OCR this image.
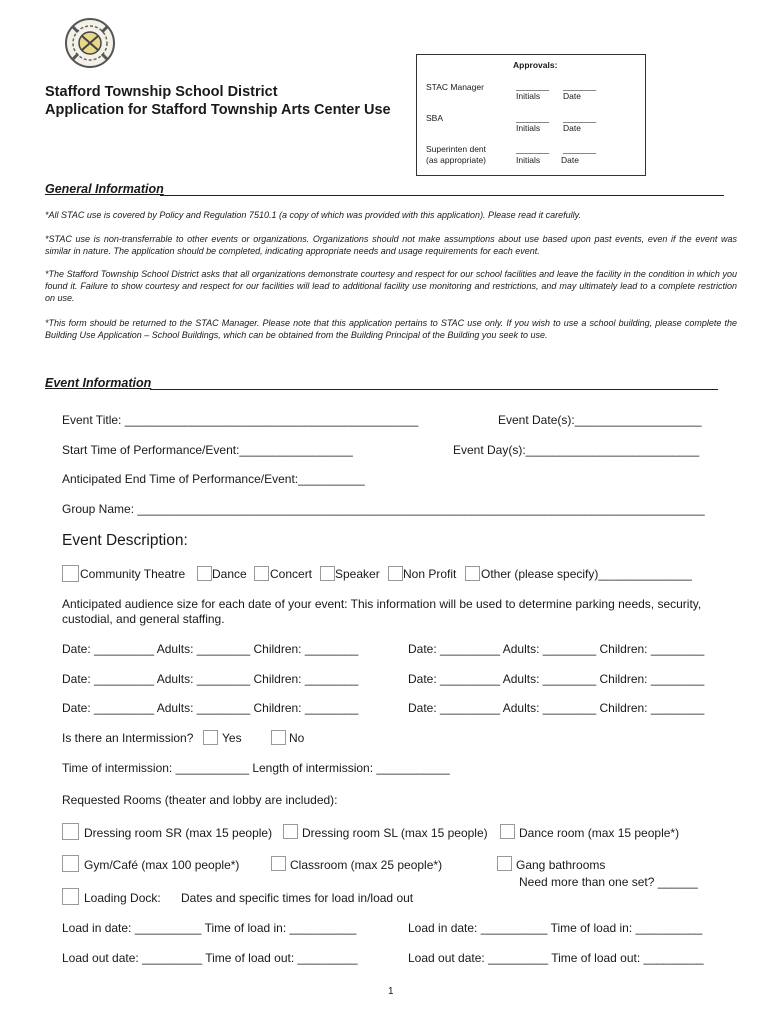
Stafford Township School District
Application for Stafford Township Arts Center Use
Approvals:
STAC Manager	_______ _______
Initials	Date
SBA	_______ _______
Initials	Date
Superinten dent
(as appropriate)
_______ _______
Initials Date
General Information
*All STAC use is covered by Policy and Regulation 7510.1 (a copy of which was provided with this application). Please read it carefully.
*STAC use is non-transferrable to other events or organizations. Organizations should not make assumptions about use based upon past events, even if the event was similar in nature. The application should be completed, indicating appropriate needs and usage requirements for each event.
*The Stafford Township School District asks that all organizations demonstrate courtesy and respect for our school facilities and leave the facility in the condition in which you found it. Failure to show courtesy and respect for our facilities will lead to additional facility use monitoring and restrictions, and may ultimately lead to a complete restriction on use.
*This form should be returned to the STAC Manager. Please note that this application pertains to STAC use only. If you wish to use a school building, please complete the Building Use Application – School Buildings, which can be obtained from the Building Principal of the Building you seek to use.
Event Information
Event Title: ____________________________________________	Event Date(s):___________________
Start Time of Performance/Event:_________________	Event Day(s):__________________________
Anticipated End Time of Performance/Event:__________
Group Name: _____________________________________________________________________________________
Event Description:
Community Theatre Dance Concert Speaker Non Profit Other (please specify)______________
Anticipated audience size for each date of your event: This information will be used to determine parking needs, security, custodial, and general staffing.
Date: _________ Adults: ________ Children: ________	Date: _________ Adults: ________ Children: ________
Date: _________ Adults: ________ Children: ________	Date: _________ Adults: ________ Children: ________
Date: _________ Adults: ________ Children: ________	Date: _________ Adults: ________ Children: ________
Is there an Intermission? Yes	No
Time of intermission: ___________ Length of intermission: ___________
Requested Rooms (theater and lobby are included):
Dressing room SR (max 15 people) Dressing room SL (max 15 people)	Dance room (max 15 people*)
Gym/Café (max 100 people*)	Classroom (max 25 people*)	Gang bathrooms
Need more than one set? ______
Loading Dock: Dates and specific times for load in/load out
Load in date: __________ Time of load in: __________	Load in date: __________ Time of load in: __________
Load out date: _________ Time of load out: _________	Load out date: _________ Time of load out: _________
1
